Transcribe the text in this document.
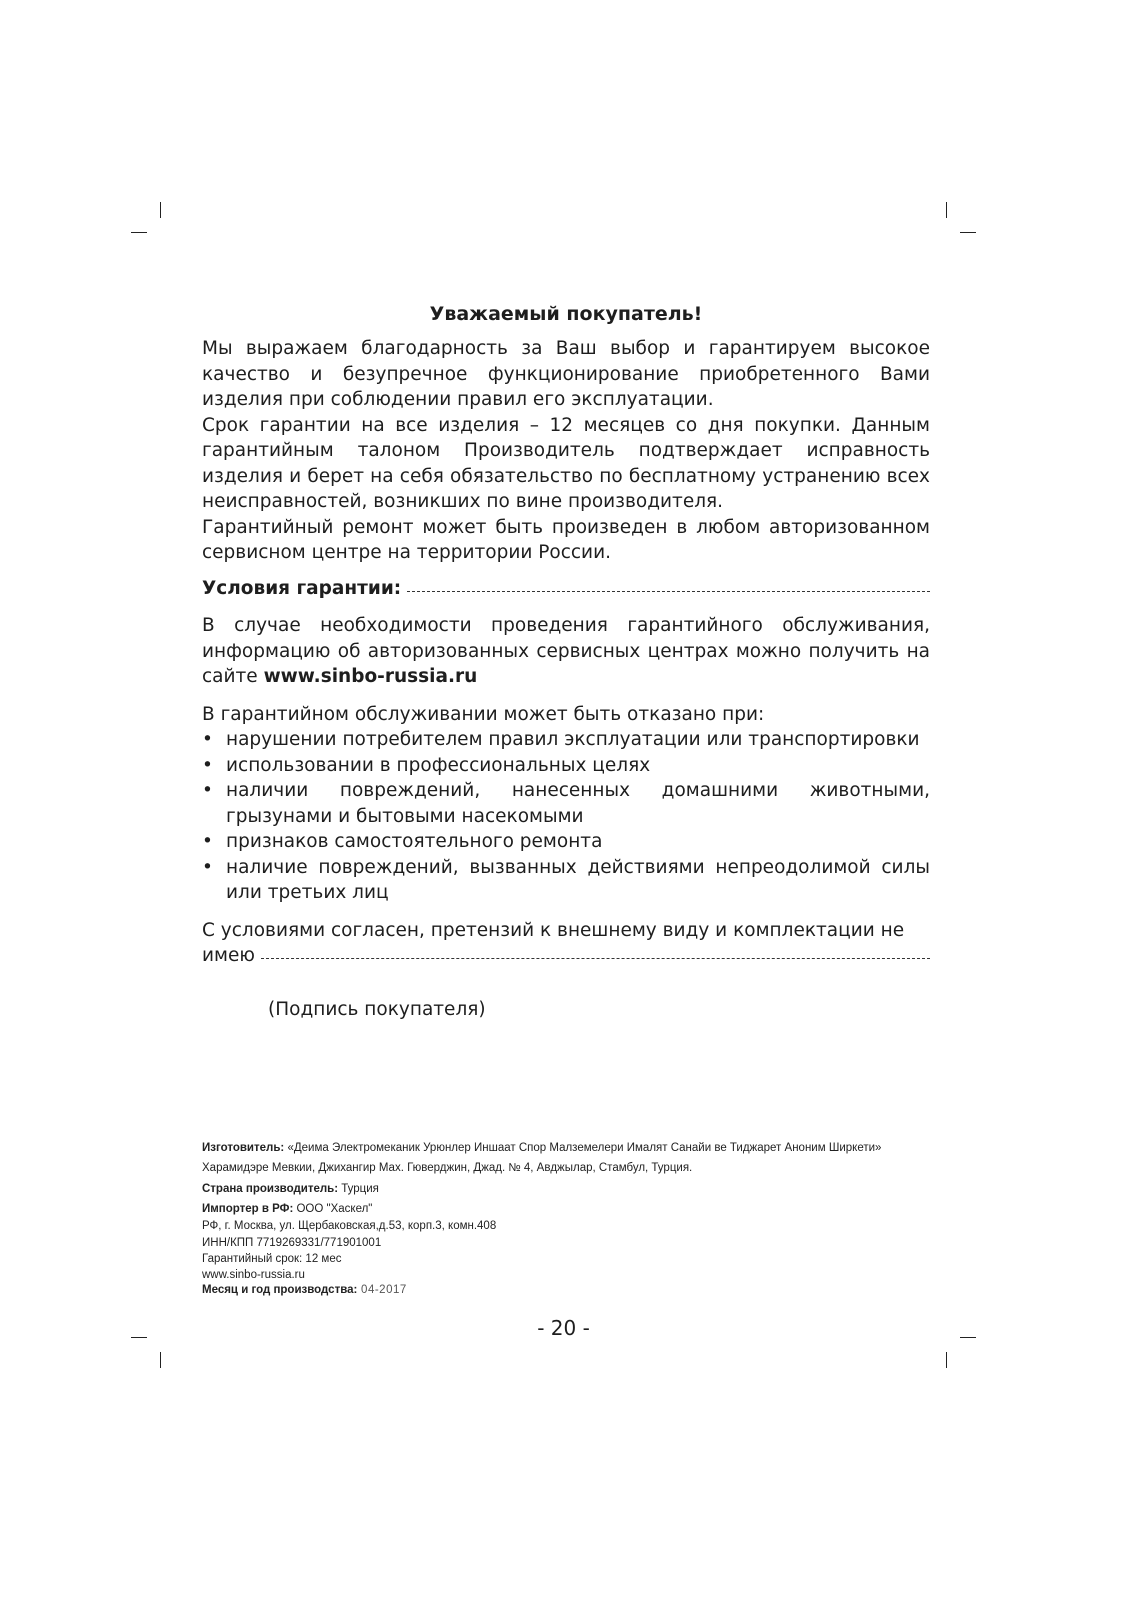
Уважаемый покупатель!

Мы выражаем благодарность за Ваш выбор и гарантируем высокое качество и безупречное функционирование приобретенного Вами изделия при соблюдении правил его эксплуатации.

Срок гарантии на все изделия – 12 месяцев со дня покупки. Данным гарантийным талоном Производитель подтверждает исправность изделия и берет на себя обязательство по бесплатному устранению всех неисправностей, возникших по вине производителя.

Гарантийный ремонт может быть произведен в любом авторизованном сервисном центре на территории России.

Условия гарантии:

В случае необходимости проведения гарантийного обслуживания, информацию об авторизованных сервисных центрах можно получить на сайте www.sinbo-russia.ru

В гарантийном обслуживании может быть отказано при:

• нарушении потребителем правил эксплуатации или транспортировки
• использовании в профессиональных целях
• наличии повреждений, нанесенных домашними животными, грызунами и бытовыми насекомыми
• признаков самостоятельного ремонта
• наличие повреждений, вызванных действиями непреодолимой силы или третьих лиц

С условиями согласен, претензий к внешнему виду и комплектации не

имею
(Подпись покупателя)
Изготовитель: «Деима Электромеканик Урюнлер Иншаат Спор Малземелери Ималят Санайи ве Тиджарет Аноним Ширкети» Харамидэре Мевкии, Джихангир Мах. Гюверджин, Джад. № 4, Авджылар, Стамбул, Турция.
Страна производитель: Турция
Импортер в РФ: ООО "Хаскел"
РФ, г. Москва, ул. Щербаковская,д.53, корп.3, комн.408
ИНН/КПП 7719269331/771901001
Гарантийный срок: 12 мес
www.sinbo-russia.ru
Месяц и год производства: 04-2017
- 20 -
